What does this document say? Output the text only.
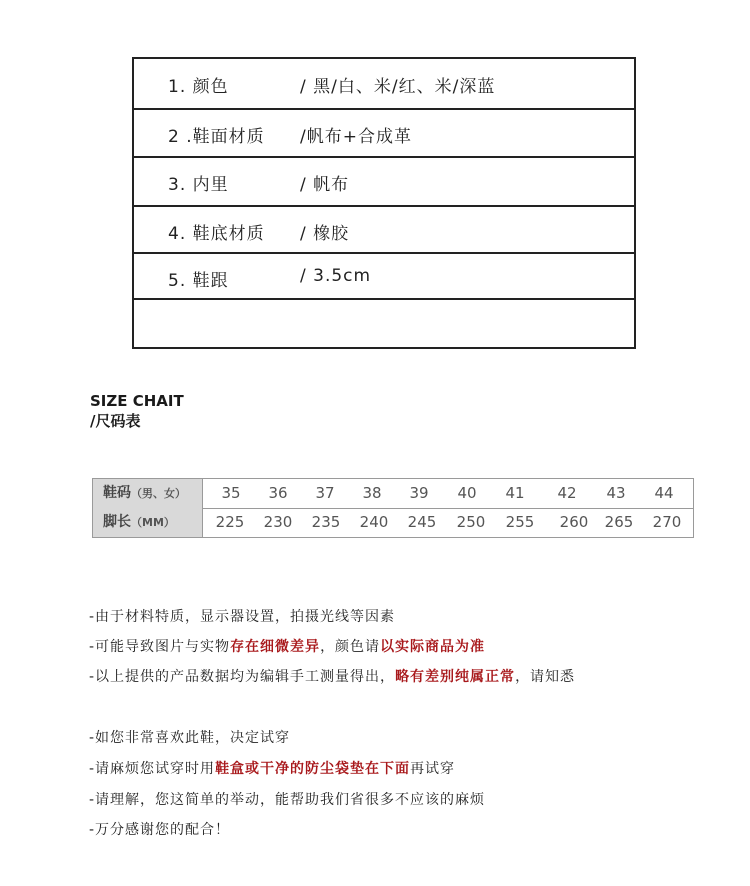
1. 颜色	/ 黑/白、米/红、米/深蓝
2 .鞋面材质 /帆布+合成革
3. 内里	/ 帆布
4. 鞋底材质 / 橡胶
5. 鞋跟	/ 3.5cm
SIZE CHAIT
/尺码表
鞋码（男、女）	35 36 37 38 39 40 41 42 43 44
脚长（MM）	225 230 235 240 245 250 255 260 265 270
-由于材料特质，显示器设置，拍摄光线等因素
-可能导致图片与实物存在细微差异，颜色请以实际商品为准
-以上提供的产品数据均为编辑手工测量得出，略有差别纯属正常，请知悉
-如您非常喜欢此鞋，决定试穿
-请麻烦您试穿时用鞋盒或干净的防尘袋垫在下面再试穿
-请理解，您这简单的举动，能帮助我们省很多不应该的麻烦
-万分感谢您的配合！
